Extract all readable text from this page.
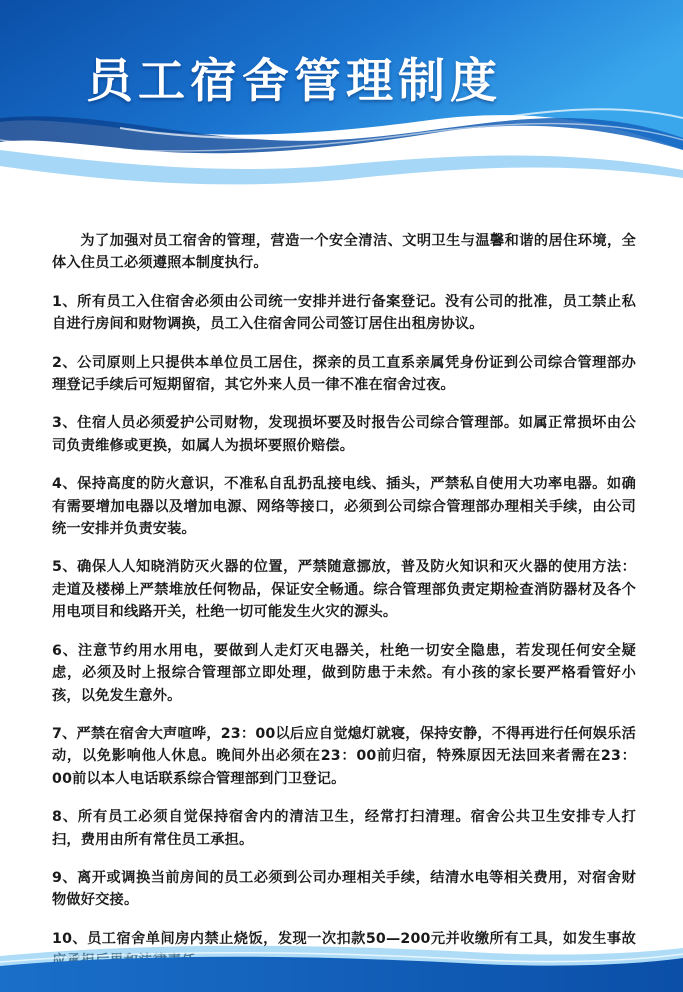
员工宿舍管理制度

为了加强对员工宿舍的管理，营造一个安全清洁、文明卫生与温馨和谐的居住环境，全体入住员工必须遵照本制度执行。

1、所有员工入住宿舍必须由公司统一安排并进行备案登记。没有公司的批准，员工禁止私自进行房间和财物调换，员工入住宿舍同公司签订居住出租房协议。

2、公司原则上只提供本单位员工居住，探亲的员工直系亲属凭身份证到公司综合管理部办理登记手续后可短期留宿，其它外来人员一律不准在宿舍过夜。

3、住宿人员必须爱护公司财物，发现损坏要及时报告公司综合管理部。如属正常损坏由公司负责维修或更换，如属人为损坏要照价赔偿。

4、保持高度的防火意识，不准私自乱扔乱接电线、插头，严禁私自使用大功率电器。如确有需要增加电器以及增加电源、网络等接口，必须到公司综合管理部办理相关手续，由公司统一安排并负责安装。

5、确保人人知晓消防灭火器的位置，严禁随意挪放，普及防火知识和灭火器的使用方法：走道及楼梯上严禁堆放任何物品，保证安全畅通。综合管理部负责定期检查消防器材及各个用电项目和线路开关，杜绝一切可能发生火灾的源头。

6、注意节约用水用电，要做到人走灯灭电器关，杜绝一切安全隐患，若发现任何安全疑虑，必须及时上报综合管理部立即处理，做到防患于未然。有小孩的家长要严格看管好小孩，以免发生意外。

7、严禁在宿舍大声喧哗，23：00以后应自觉熄灯就寝，保持安静，不得再进行任何娱乐活动，以免影响他人休息。晚间外出必须在23：00前归宿，特殊原因无法回来者需在23：00前以本人电话联系综合管理部到门卫登记。

8、所有员工必须自觉保持宿舍内的清洁卫生，经常打扫清理。宿舍公共卫生安排专人打扫，费用由所有常住员工承担。

9、离开或调换当前房间的员工必须到公司办理相关手续，结清水电等相关费用，对宿舍财物做好交接。

10、员工宿舍单间房内禁止烧饭，发现一次扣款50—200元并收缴所有工具，如发生事故
